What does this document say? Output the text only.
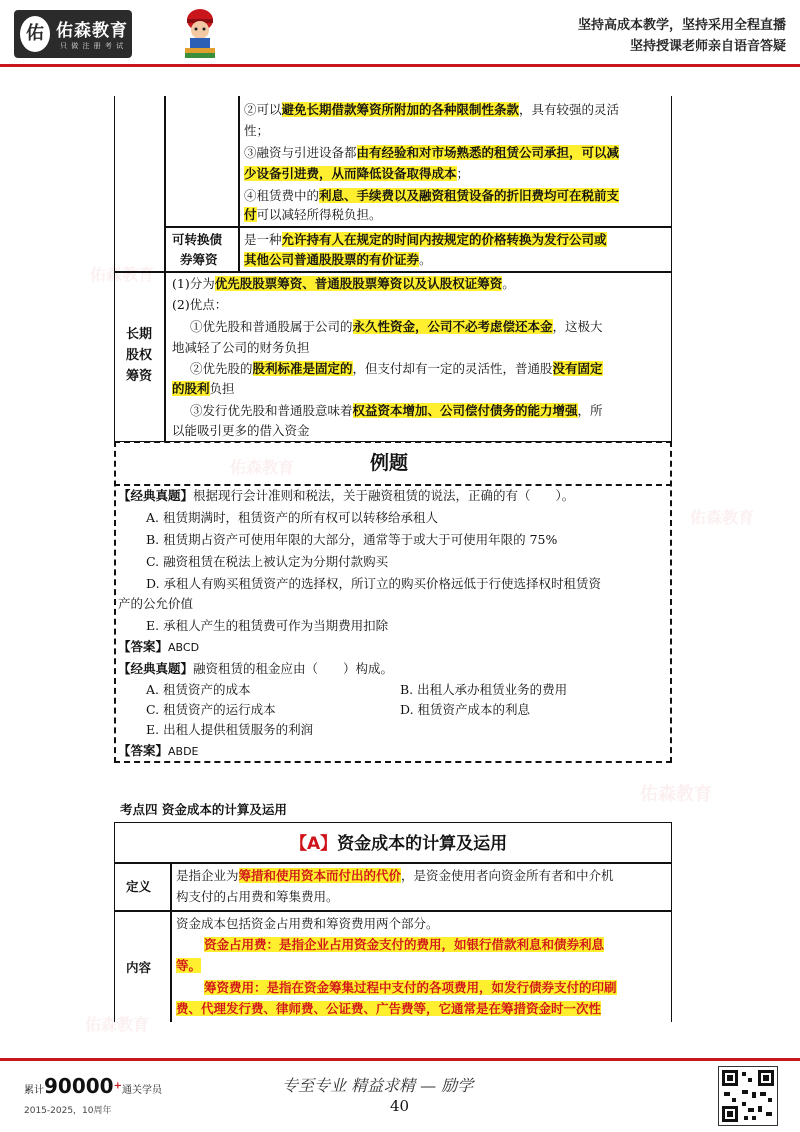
佑 佑森教育
只 做 注 册 考 试
坚持高成本教学，坚持采用全程直播
坚持授课老师亲自语音答疑
佑森教育
佑森教育
佑森教育
佑森教育
佑森教育
②可以避免长期借款筹资所附加的各种限制性条款，具有较强的灵活
性；
③融资与引进设备都由有经验和对市场熟悉的租赁公司承担，可以减
少设备引进费，从而降低设备取得成本；
④租赁费中的利息、手续费以及融资租赁设备的折旧费均可在税前支
付可以减轻所得税负担。
可转换债
券筹资
是一种允许持有人在规定的时间内按规定的价格转换为发行公司或
其他公司普通股股票的有价证券。
长期
股权
筹资
(1)分为优先股股票筹资、普通股股票筹资以及认股权证筹资。
(2)优点：
①优先股和普通股属于公司的永久性资金，公司不必考虑偿还本金，这极大
地减轻了公司的财务负担
②优先股的股利标准是固定的，但支付却有一定的灵活性，普通股没有固定
的股利负担
③发行优先股和普通股意味着权益资本增加、公司偿付债务的能力增强，所
以能吸引更多的借入资金
例题
【经典真题】根据现行会计准则和税法，关于融资租赁的说法，正确的有（　　）。
A. 租赁期满时，租赁资产的所有权可以转移给承租人
B. 租赁期占资产可使用年限的大部分，通常等于或大于可使用年限的 75%
C. 融资租赁在税法上被认定为分期付款购买
D. 承租人有购买租赁资产的选择权，所订立的购买价格远低于行使选择权时租赁资
产的公允价值
E. 承租人产生的租赁费可作为当期费用扣除
【答案】ABCD
【经典真题】融资租赁的租金应由（　　）构成。
A. 租赁资产的成本	B. 出租人承办租赁业务的费用
C. 租赁资产的运行成本	D. 租赁资产成本的利息
E. 出租人提供租赁服务的利润
【答案】ABDE
考点四 资金成本的计算及运用
【A】资金成本的计算及运用
定义
是指企业为筹措和使用资本而付出的代价，是资金使用者向资金所有者和中介机
构支付的占用费和筹集费用。
内容
资金成本包括资金占用费和筹资费用两个部分。
资金占用费：是指企业占用资金支付的费用，如银行借款利息和债券利息
等。
筹资费用：是指在资金筹集过程中支付的各项费用，如发行债券支付的印刷
费、代理发行费、律师费、公证费、广告费等，它通常是在筹措资金时一次性
累计90000+通关学员
2015-2025，10周年
专至专业 精益求精 — 励学
40
